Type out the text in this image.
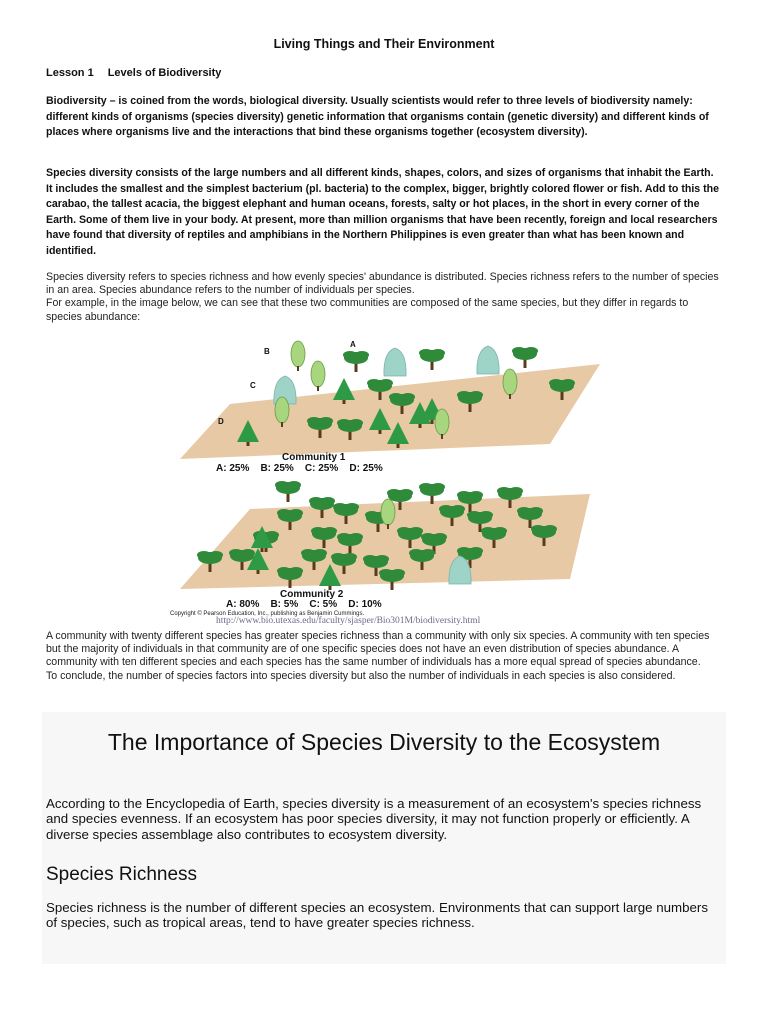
Living Things and Their Environment
Lesson 1 Levels of Biodiversity
Biodiversity – is coined from the words, biological diversity. Usually scientists would refer to three levels of biodiversity namely: different kinds of organisms (species diversity) genetic information that organisms contain (genetic diversity) and different kinds of places where organisms live and the interactions that bind these organisms together (ecosystem diversity).
Species diversity consists of the large numbers and all different kinds, shapes, colors, and sizes of organisms that inhabit the Earth. It includes the smallest and the simplest bacterium (pl. bacteria) to the complex, bigger, brightly colored flower or fish. Add to this the carabao, the tallest acacia, the biggest elephant and human oceans, forests, salty or hot places, in the short in every corner of the Earth. Some of them live in your body. At present, more than million organisms that have been recently, foreign and local researchers have found that diversity of reptiles and amphibians in the Northern Philippines is even greater than what has been known and identified.
Species diversity refers to species richness and how evenly species' abundance is distributed. Species richness refers to the number of species in an area. Species abundance refers to the number of individuals per species.
For example, in the image below, we can see that these two communities are composed of the same species, but they differ in regards to species abundance:
B
A
C
D
Community 1
A: 25%    B: 25%    C: 25%    D: 25%
Community 2
A: 80%    B: 5%    C: 5%    D: 10%
Copyright © Pearson Education, Inc., publishing as Benjamin Cummings.
http://www.bio.utexas.edu/faculty/sjasper/Bio301M/biodiversity.html
A community with twenty different species has greater species richness than a community with only six species. A community with ten species but the majority of individuals in that community are of one specific species does not have an even distribution of species abundance. A community with ten different species and each species has the same number of individuals has a more equal spread of species abundance.
To conclude, the number of species factors into species diversity but also the number of individuals in each species is also considered.
The Importance of Species Diversity to the Ecosystem
According to the Encyclopedia of Earth, species diversity is a measurement of an ecosystem's species richness and species evenness. If an ecosystem has poor species diversity, it may not function properly or efficiently. A diverse species assemblage also contributes to ecosystem diversity.
Species Richness
Species richness is the number of different species an ecosystem. Environments that can support large numbers of species, such as tropical areas, tend to have greater species richness.
